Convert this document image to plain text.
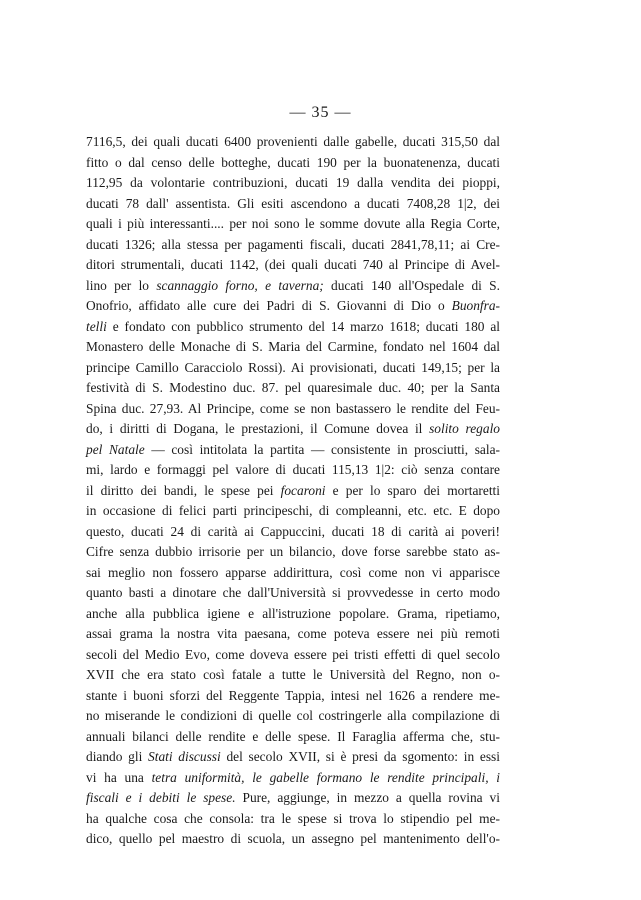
— 35 —
7116,5, dei quali ducati 6400 provenienti dalle gabelle, ducati 315,50 dal
fitto o dal censo delle botteghe, ducati 190 per la buonatenenza, ducati
112,95 da volontarie contribuzioni, ducati 19 dalla vendita dei pioppi,
ducati 78 dall' assentista. Gli esiti ascendono a ducati 7408,28 1|2, dei
quali i più interessanti.... per noi sono le somme dovute alla Regia Corte,
ducati 1326; alla stessa per pagamenti fiscali, ducati 2841,78,11; ai Cre-
ditori strumentali, ducati 1142, (dei quali ducati 740 al Principe di Avel-
lino per lo scannaggio forno, e taverna; ducati 140 all'Ospedale di S.
Onofrio, affidato alle cure dei Padri di S. Giovanni di Dio o Buonfra-
telli e fondato con pubblico strumento del 14 marzo 1618; ducati 180 al
Monastero delle Monache di S. Maria del Carmine, fondato nel 1604 dal
principe Camillo Caracciolo Rossi). Ai provisionati, ducati 149,15; per la
festività di S. Modestino duc. 87. pel quaresimale duc. 40; per la Santa
Spina duc. 27,93. Al Principe, come se non bastassero le rendite del Feu-
do, i diritti di Dogana, le prestazioni, il Comune dovea il solito regalo
pel Natale — così intitolata la partita — consistente in prosciutti, sala-
mi, lardo e formaggi pel valore di ducati 115,13 1|2: ciò senza contare
il diritto dei bandi, le spese pei focaroni e per lo sparo dei mortaretti
in occasione di felici parti principeschi, di compleanni, etc. etc. E dopo
questo, ducati 24 di carità ai Cappuccini, ducati 18 di carità ai poveri!
Cifre senza dubbio irrisorie per un bilancio, dove forse sarebbe stato as-
sai meglio non fossero apparse addirittura, così come non vi apparisce
quanto basti a dinotare che dall'Università si provvedesse in certo modo
anche alla pubblica igiene e all'istruzione popolare. Grama, ripetiamo,
assai grama la nostra vita paesana, come poteva essere nei più remoti
secoli del Medio Evo, come doveva essere pei tristi effetti di quel secolo
XVII che era stato così fatale a tutte le Università del Regno, non o-
stante i buoni sforzi del Reggente Tappia, intesi nel 1626 a rendere me-
no miserande le condizioni di quelle col costringerle alla compilazione di
annuali bilanci delle rendite e delle spese. Il Faraglia afferma che, stu-
diando gli Stati discussi del secolo XVII, si è presi da sgomento: in essi
vi ha una tetra uniformità, le gabelle formano le rendite principali, i
fiscali e i debiti le spese. Pure, aggiunge, in mezzo a quella rovina vi
ha qualche cosa che consola: tra le spese si trova lo stipendio pel me-
dico, quello pel maestro di scuola, un assegno pel mantenimento dell'o-
